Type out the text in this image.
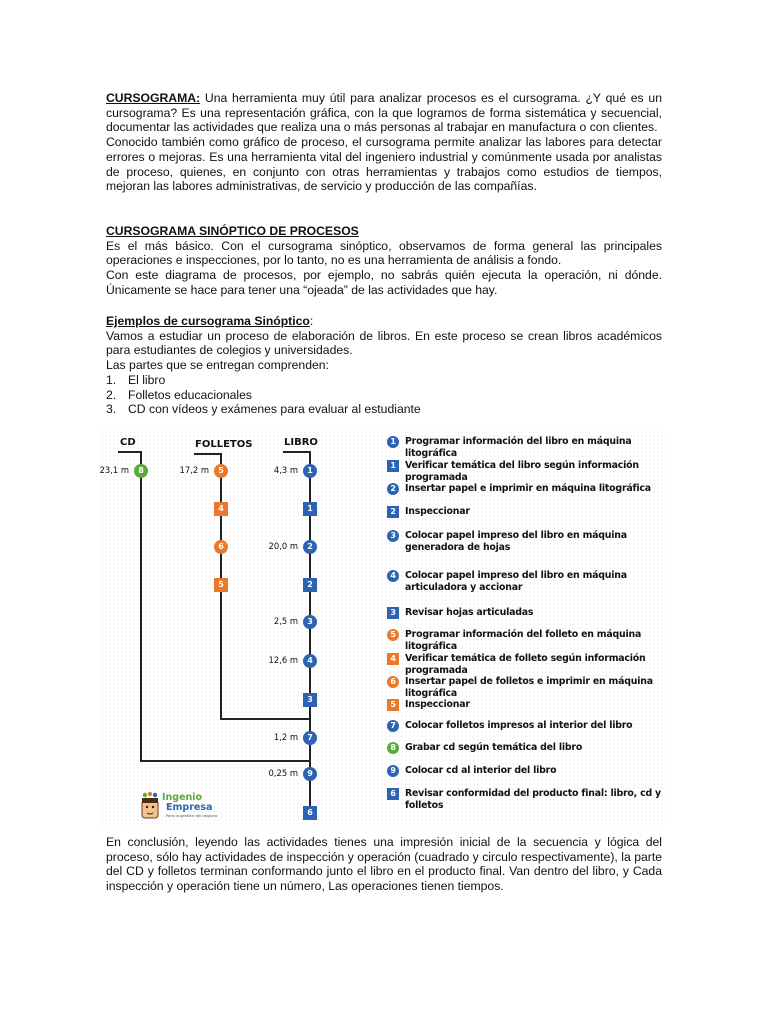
CURSOGRAMA: Una herramienta muy útil para analizar procesos es el cursograma. ¿Y qué es un cursograma? Es una representación gráfica, con la que logramos de forma sistemática y secuencial, documentar las actividades que realiza una o más personas al trabajar en manufactura o con clientes.

Conocido también como gráfico de proceso, el cursograma permite analizar las labores para detectar errores o mejoras. Es una herramienta vital del ingeniero industrial y comúnmente usada por analistas de proceso, quienes, en conjunto con otras herramientas y trabajos como estudios de tiempos, mejoran las labores administrativas, de servicio y producción de las compañías.

CURSOGRAMA SINÓPTICO DE PROCESOS

Es el más básico. Con el cursograma sinóptico, observamos de forma general las principales operaciones e inspecciones, por lo tanto, no es una herramienta de análisis a fondo.

Con este diagrama de procesos, por ejemplo, no sabrás quién ejecuta la operación, ni dónde. Únicamente se hace para tener una “ojeada” de las actividades que hay.

Ejemplos de cursograma Sinóptico:

Vamos a estudiar un proceso de elaboración de libros. En este proceso se crean libros académicos para estudiantes de colegios y universidades.

Las partes que se entregan comprenden:

1. El libro
2. Folletos educacionales
3. CD con vídeos y exámenes para evaluar al estudiante
CD	FOLLETOS	LIBRO
8
23,1 m	5
17,2 m
4
6
5
1
4,3 m
1
2
20,0 m
2
3
2,5 m
4
12,6 m
3
7
1,2 m
9
0,25 m
6
1 Programar información del libro en máquina litográfica
1 Verificar temática del libro según información programada
2 Insertar papel e imprimir en máquina litográfica
2 Inspeccionar
3 Colocar papel impreso del libro en máquina generadora de hojas
4 Colocar papel impreso del libro en máquina articuladora y accionar
3 Revisar hojas articuladas
5 Programar información del folleto en máquina litográfica
4 Verificar temática de folleto según información programada
6 Insertar papel de folletos e imprimir en máquina litográfica
5 Inspeccionar
7 Colocar folletos impresos al interior del libro
8 Grabar cd según temática del libro
9 Colocar cd al interior del libro
6 Revisar conformidad del producto final: libro, cd y folletos
Ingenio
Empresa
Para la gestión del negocio

En conclusión, leyendo las actividades tienes una impresión inicial de la secuencia y lógica del proceso, sólo hay actividades de inspección y operación (cuadrado y circulo respectivamente), la parte del CD y folletos terminan conformando junto el libro en el producto final. Van dentro del libro, y Cada inspección y operación tiene un número, Las operaciones tienen tiempos.
